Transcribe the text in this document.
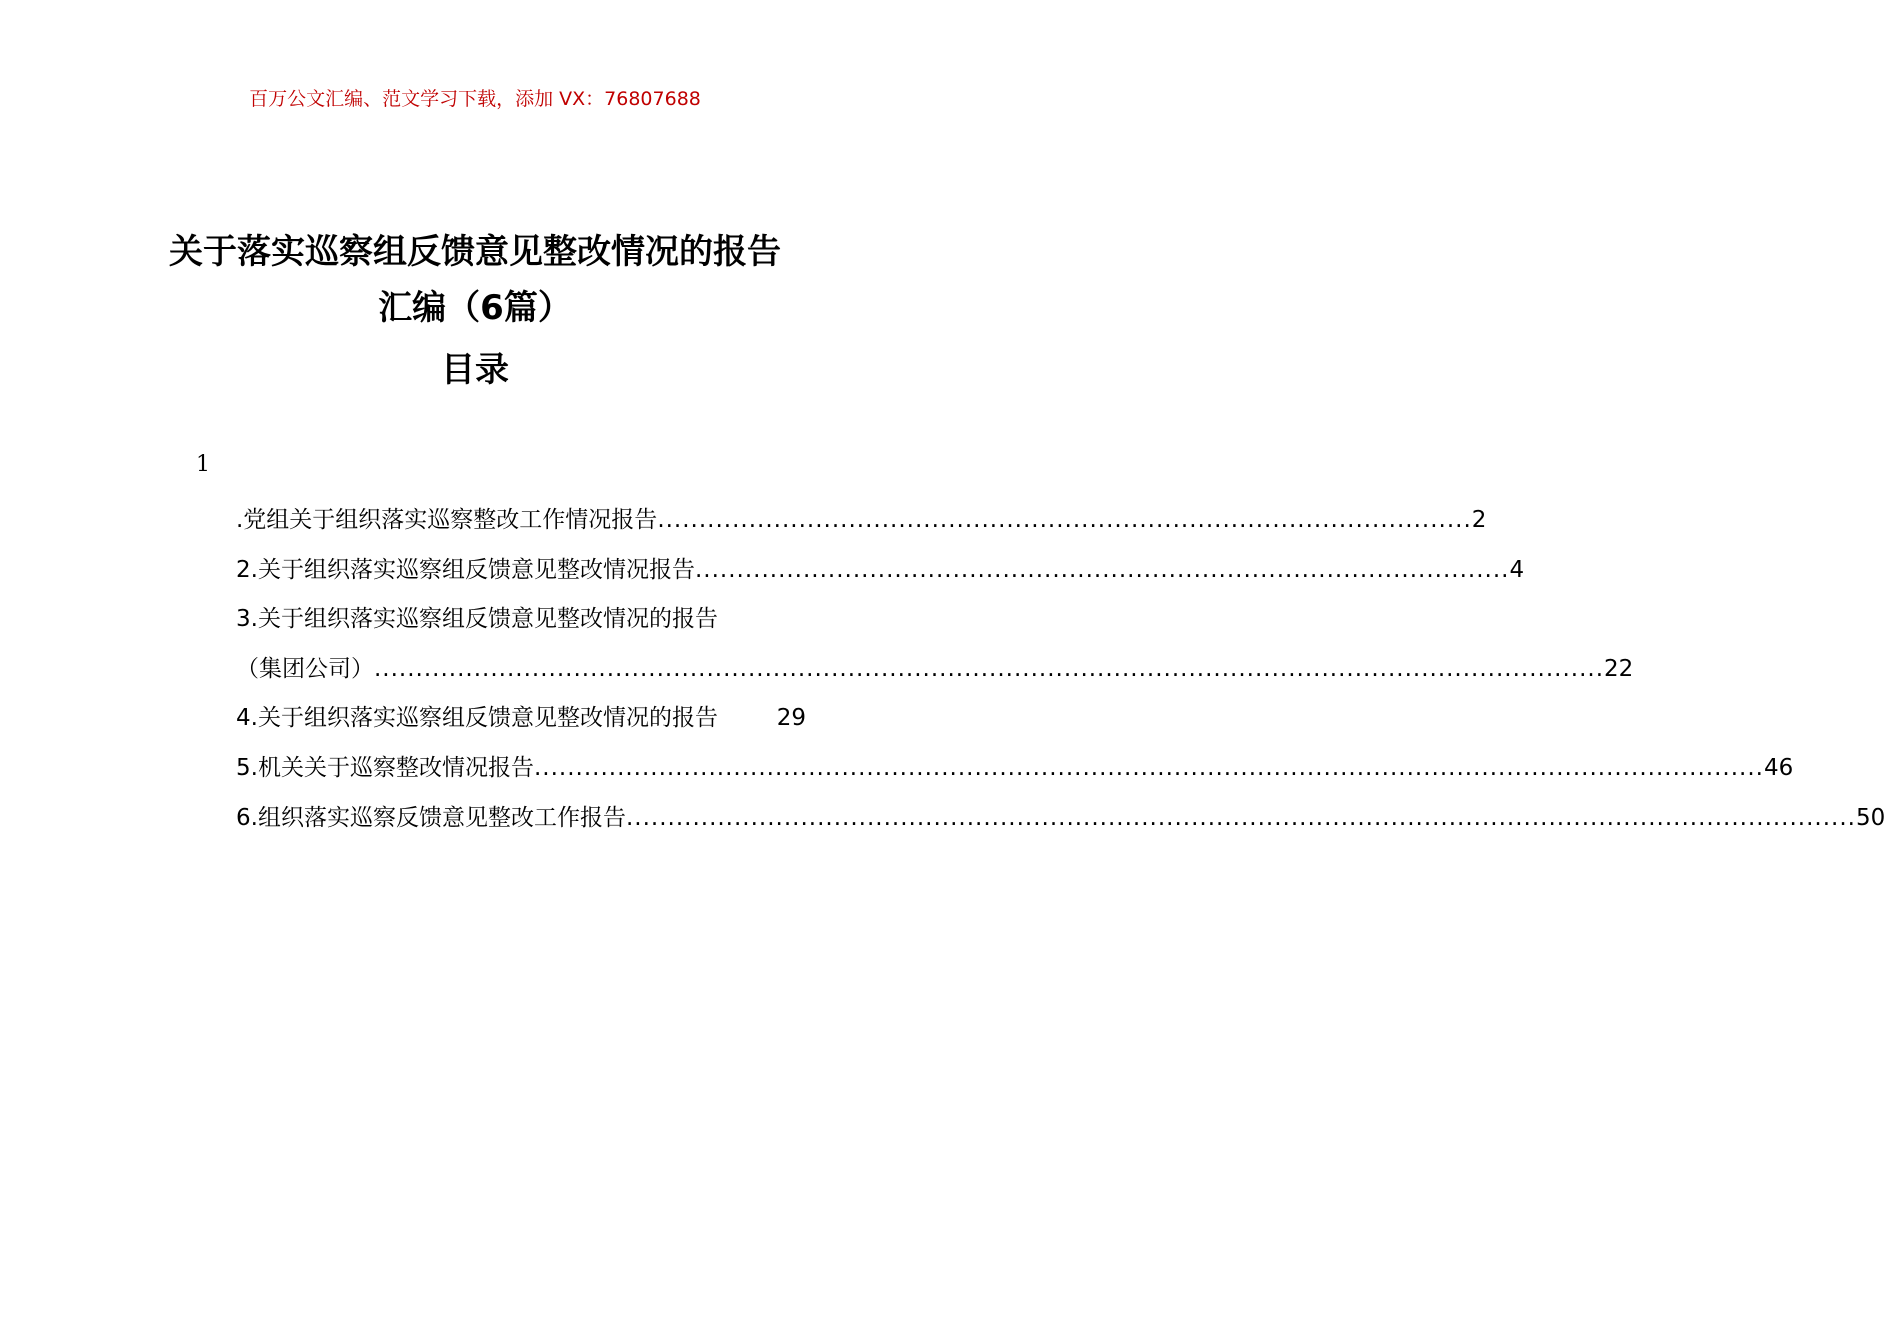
百万公文汇编、范文学习下载，添加 VX：76807688
关于落实巡察组反馈意见整改情况的报告
汇编（6篇）
目录
1
.党组关于组织落实巡察整改工作情况报告 .................................................................................................. 2
2.关于组织落实巡察组反馈意见整改情况报告 .................................................................................................. 4
3.关于组织落实巡察组反馈意见整改情况的报告
（集团公司） .................................................................................................................................................... 22
4.关于组织落实巡察组反馈意见整改情况的报告	29
5.机关关于巡察整改情况报告 .................................................................................................................................................... 46
6.组织落实巡察反馈意见整改工作报告 .................................................................................................................................................... 50
